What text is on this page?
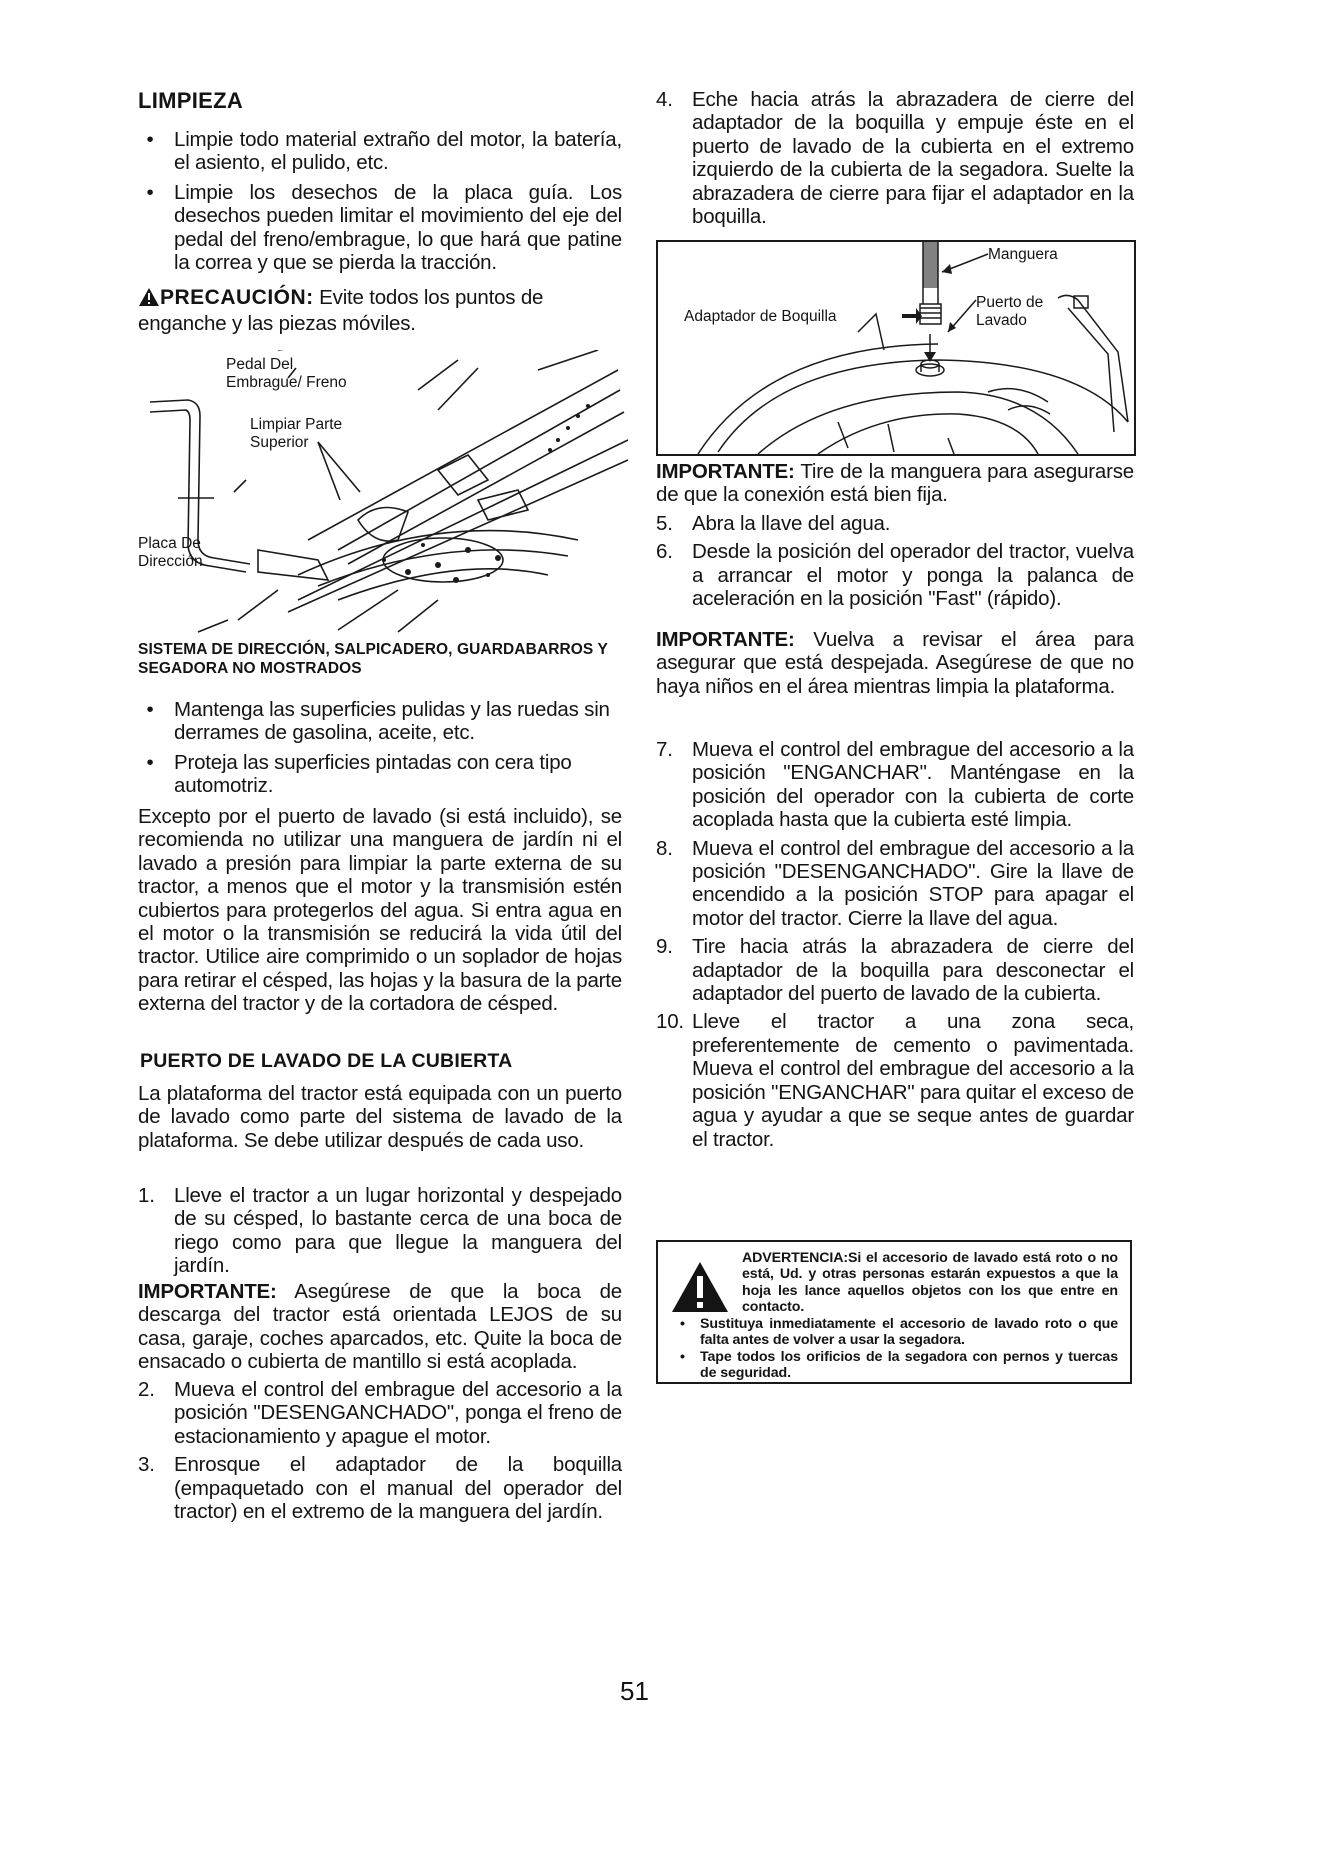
LIMPIEZA
•	Limpie todo material extraño del motor, la batería, el asiento, el pulido, etc.
•	Limpie los desechos de la placa guía. Los desechos pueden limitar el movimiento del eje del pedal del freno/embrague, lo que hará que patine la correa y que se pierda la tracción.
PRECAUCIÓN: Evite todos los puntos de enganche y las piezas móviles.
Pedal Del Embrague/ Freno
Limpiar Parte Superior
Placa De Dirección
SISTEMA DE DIRECCIÓN, SALPICADERO, GUARDABARROS Y SEGADORA NO MOSTRADOS
•	Mantenga las superficies pulidas y las ruedas sin derrames de gasolina, aceite, etc.
•	Proteja las superficies pintadas con cera tipo automotriz.
Excepto por el puerto de lavado (si está incluido), se recomienda no utilizar una manguera de jardín ni el lavado a presión para limpiar la parte externa de su tractor, a menos que el motor y la transmisión estén cubiertos para protegerlos del agua. Si entra agua en el motor o la transmisión se reducirá la vida útil del tractor. Utilice aire comprimido o un soplador de hojas para retirar el césped, las hojas y la basura de la parte externa del tractor y de la cortadora de césped.
PUERTO DE LAVADO DE LA CUBIERTA
La plataforma del tractor está equipada con un puerto de lavado como parte del sistema de lavado de la plataforma. Se debe utilizar después de cada uso.
1. Lleve el tractor a un lugar horizontal y despejado de su césped, lo bastante cerca de una boca de riego como para que llegue la manguera del jardín.
IMPORTANTE: Asegúrese de que la boca de descarga del tractor está orientada LEJOS de su casa, garaje, coches aparcados, etc. Quite la boca de ensacado o cubierta de mantillo si está acoplada.
2. Mueva el control del embrague del accesorio a la posición "DESENGANCHADO", ponga el freno de estacionamiento y apague el motor.
3. Enrosque el adaptador de la boquilla (empaquetado con el manual del operador del tractor) en el extremo de la manguera del jardín.
4. Eche hacia atrás la abrazadera de cierre del adaptador de la boquilla y empuje éste en el puerto de lavado de la cubierta en el extremo izquierdo de la cubierta de la segadora. Suelte la abrazadera de cierre para fijar el adaptador en la boquilla.
Manguera
Adaptador de Boquilla
Puerto de Lavado
IMPORTANTE: Tire de la manguera para asegurarse de que la conexión está bien fija.
5. Abra la llave del agua.
6. Desde la posición del operador del tractor, vuelva a arrancar el motor y ponga la palanca de aceleración en la posición "Fast" (rápido).
IMPORTANTE: Vuelva a revisar el área para asegurar que está despejada. Asegúrese de que no haya niños en el área mientras limpia la plataforma.
7. Mueva el control del embrague del accesorio a la posición "ENGANCHAR". Manténgase en la posición del operador con la cubierta de corte acoplada hasta que la cubierta esté limpia.
8. Mueva el control del embrague del accesorio a la posición "DESENGANCHADO". Gire la llave de encendido a la posición STOP para apagar el motor del tractor. Cierre la llave del agua.
9. Tire hacia atrás la abrazadera de cierre del adaptador de la boquilla para desconectar el adaptador del puerto de lavado de la cubierta.
10. Lleve el tractor a una zona seca, preferentemente de cemento o pavimentada. Mueva el control del embrague del accesorio a la posición "ENGANCHAR" para quitar el exceso de agua y ayudar a que se seque antes de guardar el tractor.
ADVERTENCIA:Si el accesorio de lavado está roto o no está, Ud. y otras personas estarán expuestos a que la hoja les lance aquellos objetos con los que entre en contacto.
• Sustituya inmediatamente el accesorio de lavado roto o que falta antes de volver a usar la segadora.
• Tape todos los orificios de la segadora con pernos y tuercas de seguridad.
51
